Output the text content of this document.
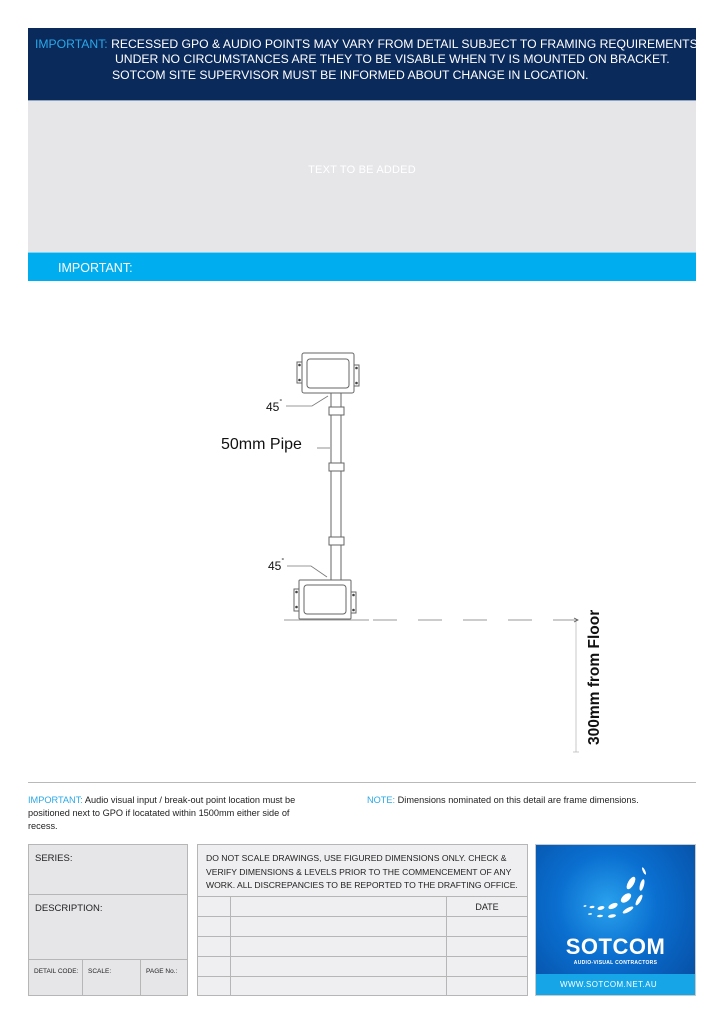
IMPORTANT: RECESSED GPO & AUDIO POINTS MAY VARY FROM DETAIL SUBJECT TO FRAMING REQUIREMENTS,
UNDER NO CIRCUMSTANCES ARE THEY TO BE VISABLE WHEN TV IS MOUNTED ON BRACKET.
SOTCOM SITE SUPERVISOR MUST BE INFORMED ABOUT CHANGE IN LOCATION.
TEXT TO BE ADDED
IMPORTANT:
45°
50mm Pipe
45°
300mm from Floor
IMPORTANT: Audio visual input / break-out point location must be positioned next to GPO if locatated within 1500mm either side of recess.
NOTE: Dimensions nominated on this detail are frame dimensions.
SERIES:
DESCRIPTION:
DETAIL CODE: SCALE:	PAGE No.:
DO NOT SCALE DRAWINGS, USE FIGURED DIMENSIONS ONLY. CHECK & VERIFY DIMENSIONS & LEVELS PRIOR TO THE COMMENCEMENT OF ANY WORK. ALL DISCREPANCIES TO BE REPORTED TO THE DRAFTING OFFICE.
DATE
SOTCOM
AUDIO-VISUAL CONTRACTORS
WWW.SOTCOM.NET.AU
